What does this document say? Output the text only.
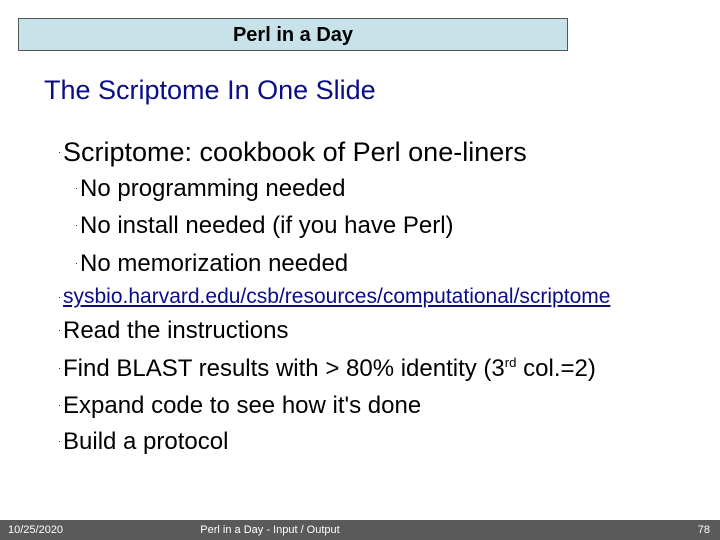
Perl in a Day
The Scriptome In One Slide
·Scriptome: cookbook of Perl one-liners
·No programming needed
·No install needed (if you have Perl)
·No memorization needed
·sysbio.harvard.edu/csb/resources/computational/scriptome
·Read the instructions
·Find BLAST results with > 80% identity (3rd col.=2)
·Expand code to see how it's done
·Build a protocol
10/25/2020	Perl in a Day - Input / Output	78
